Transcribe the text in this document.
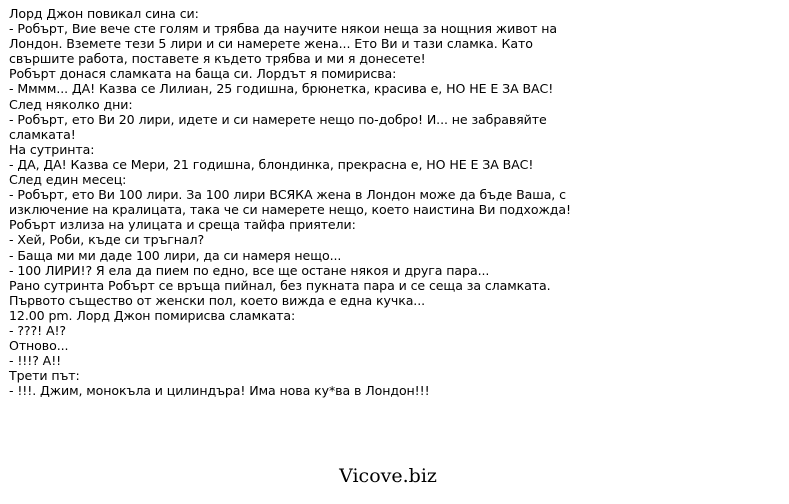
Лорд Джон повикал сина си:
- Робърт, Вие вече сте голям и трябва да научите някои неща за нощния живот на
Лондон. Вземете тези 5 лири и си намерете жена... Ето Ви и тази сламка. Като
свършите работа, поставете я където трябва и ми я донесете!
Робърт донася сламката на баща си. Лордът я помирисва:
- Мммм... ДА! Казва се Лилиан, 25 годишна, брюнетка, красива е, НО НЕ Е ЗА ВАС!
След няколко дни:
- Робърт, ето Ви 20 лири, идете и си намерете нещо по-добро! И... не забравяйте
сламката!
На сутринта:
- ДА, ДА! Казва се Мери, 21 годишна, блондинка, прекрасна е, НО НЕ Е ЗА ВАС!
След един месец:
- Робърт, ето Ви 100 лири. За 100 лири ВСЯКА жена в Лондон може да бъде Ваша, с
изключение на кралицата, така че си намерете нещо, което наистина Ви подхожда!
Робърт излиза на улицата и среща тайфа приятели:
- Хей, Роби, къде си тръгнал?
- Баща ми ми даде 100 лири, да си намеря нещо...
- 100 ЛИРИ!? Я ела да пием по едно, все ще остане някоя и друга пара...
Рано сутринта Робърт се връща пийнал, без пукната пара и се сеща за сламката.
Първото същество от женски пол, което вижда е една кучка...
12.00 pm. Лорд Джон помирисва сламката:
- ???! А!?
Отново...
- !!!? А!!
Трети път:
- !!!. Джим, монокъла и цилиндъра! Има нова ку*ва в Лондон!!!
Vicove.biz
